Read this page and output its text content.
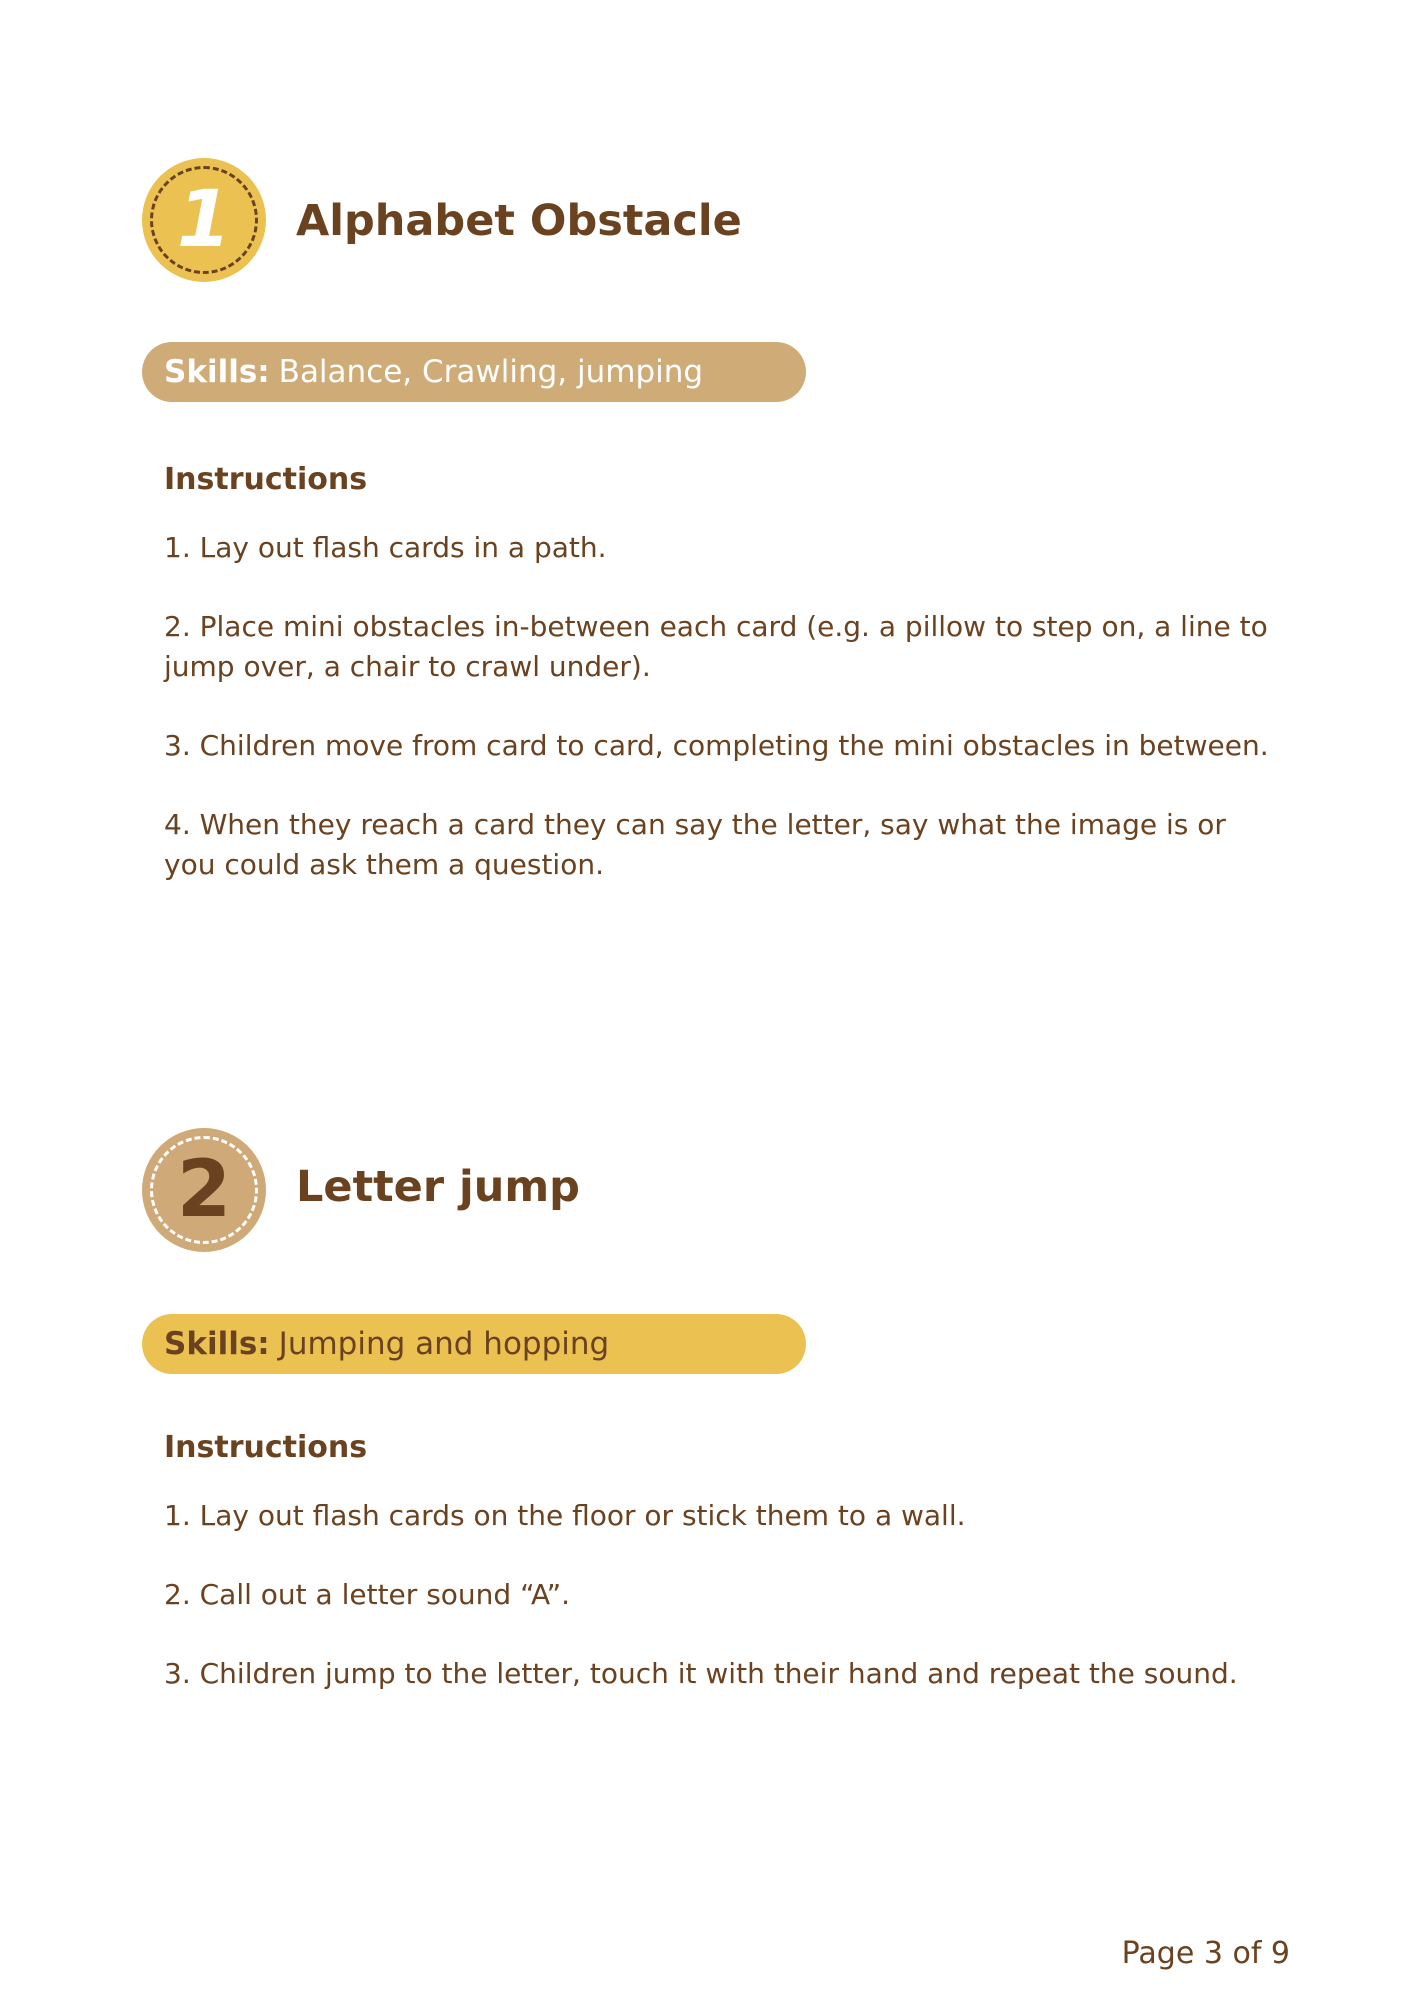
1	Alphabet Obstacle
Skills: Balance, Crawling, jumping
Instructions
1. Lay out flash cards in a path.
2. Place mini obstacles in-between each card (e.g. a pillow to step on, a line to jump over, a chair to crawl under).
3. Children move from card to card, completing the mini obstacles in between.
4. When they reach a card they can say the letter, say what the image is or you could ask them a question.
2	Letter jump
Skills: Jumping and hopping
Instructions
1. Lay out flash cards on the floor or stick them to a wall.
2. Call out a letter sound “A”.
3. Children jump to the letter, touch it with their hand and repeat the sound.
Page 3 of 9
